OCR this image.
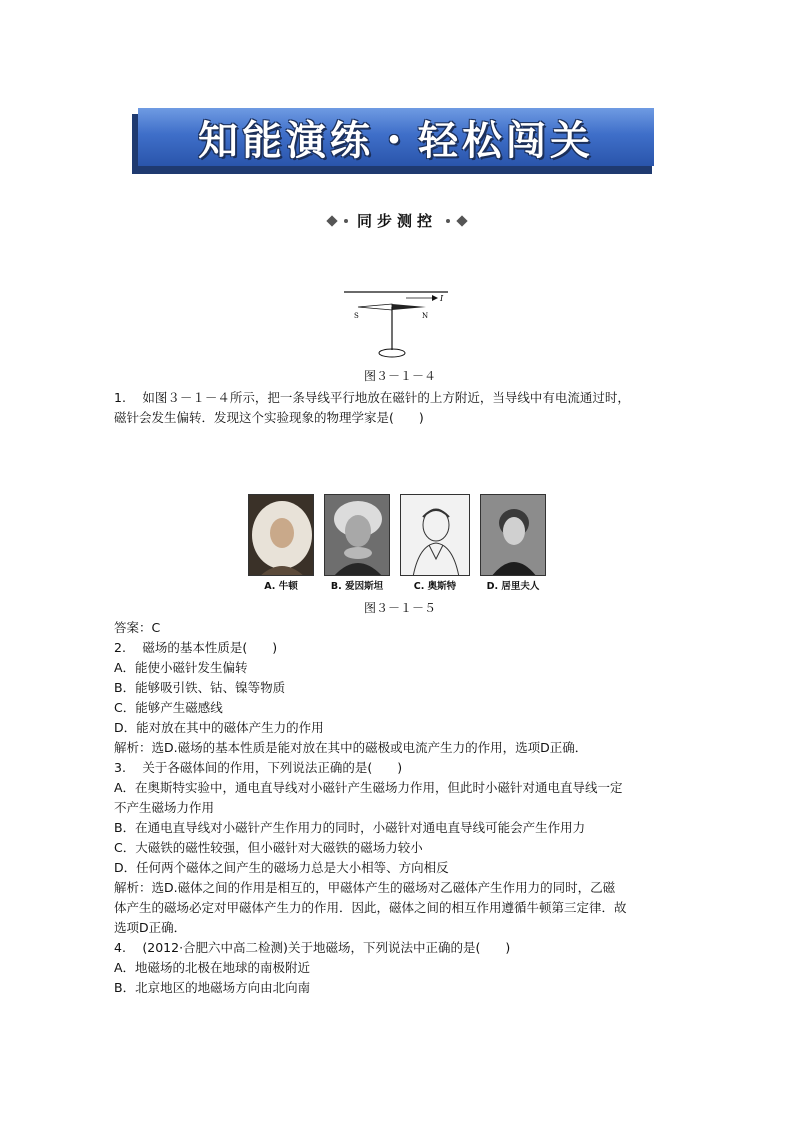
知能演练・轻松闯关
同步测控
I
S	N
图３－１－４
1.　 如图３－１－４所示，把一条导线平行地放在磁针的上方附近，当导线中有电流通过时，
磁针会发生偏转．发现这个实验现象的物理学家是(　　)
A. 牛顿	B. 爱因斯坦	C. 奥斯特	D. 居里夫人
图３－１－５
答案：C
2.　 磁场的基本性质是(　　)
A．能使小磁针发生偏转
B．能够吸引铁、钴、镍等物质
C．能够产生磁感线
D．能对放在其中的磁体产生力的作用
解析：选D.磁场的基本性质是能对放在其中的磁极或电流产生力的作用，选项D正确．
3.　 关于各磁体间的作用，下列说法正确的是(　　)
A．在奥斯特实验中，通电直导线对小磁针产生磁场力作用，但此时小磁针对通电直导线一定
不产生磁场力作用
B．在通电直导线对小磁针产生作用力的同时，小磁针对通电直导线可能会产生作用力
C．大磁铁的磁性较强，但小磁针对大磁铁的磁场力较小
D．任何两个磁体之间产生的磁场力总是大小相等、方向相反
解析：选D.磁体之间的作用是相互的，甲磁体产生的磁场对乙磁体产生作用力的同时，乙磁
体产生的磁场必定对甲磁体产生力的作用．因此，磁体之间的相互作用遵循牛顿第三定律．故
选项D正确．
4.　 (2012·合肥六中高二检测)关于地磁场，下列说法中正确的是(　　)
A．地磁场的北极在地球的南极附近
B．北京地区的地磁场方向由北向南
